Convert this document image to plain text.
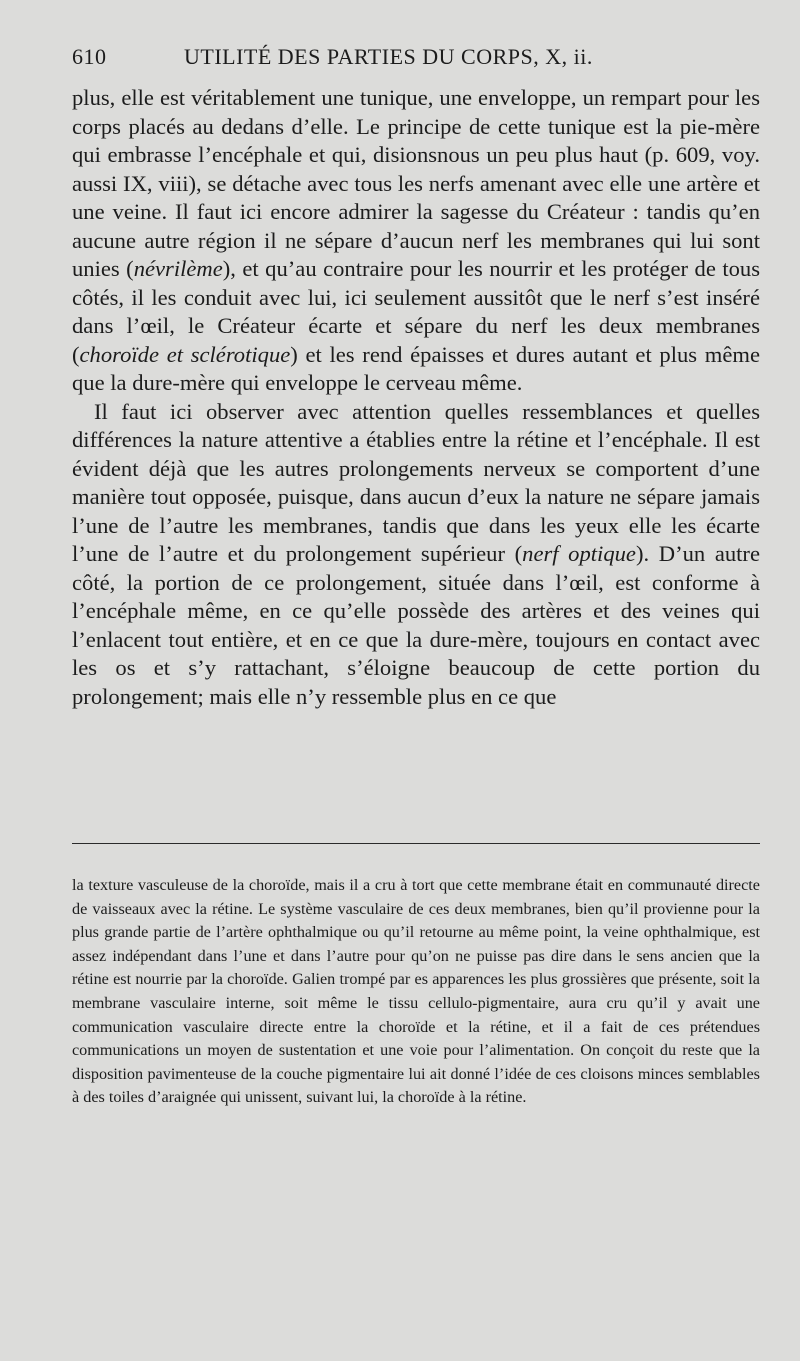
610	UTILITÉ DES PARTIES DU CORPS, X, ii.

plus, elle est véritablement une tunique, une enveloppe, un rempart pour les corps placés au dedans d’elle. Le principe de cette tunique est la pie-mère qui embrasse l’encéphale et qui, disionsnous un peu plus haut (p. 609, voy. aussi IX, viii), se détache avec tous les nerfs amenant avec elle une artère et une veine. Il faut ici encore admirer la sagesse du Créateur : tandis qu’en aucune autre région il ne sépare d’aucun nerf les membranes qui lui sont unies (névrilème), et qu’au contraire pour les nourrir et les protéger de tous côtés, il les conduit avec lui, ici seulement aussitôt que le nerf s’est inséré dans l’œil, le Créateur écarte et sépare du nerf les deux membranes (choroïde et sclérotique) et les rend épaisses et dures autant et plus même que la dure-mère qui enveloppe le cerveau même.

Il faut ici observer avec attention quelles ressemblances et quelles différences la nature attentive a établies entre la rétine et l’encéphale. Il est évident déjà que les autres prolongements nerveux se comportent d’une manière tout opposée, puisque, dans aucun d’eux la nature ne sépare jamais l’une de l’autre les membranes, tandis que dans les yeux elle les écarte l’une de l’autre et du prolongement supérieur (nerf optique). D’un autre côté, la portion de ce prolongement, située dans l’œil, est conforme à l’encéphale même, en ce qu’elle possède des artères et des veines qui l’enlacent tout entière, et en ce que la dure-mère, toujours en contact avec les os et s’y rattachant, s’éloigne beaucoup de cette portion du prolongement; mais elle n’y ressemble plus en ce que

la texture vasculeuse de la choroïde, mais il a cru à tort que cette membrane était en communauté directe de vaisseaux avec la rétine. Le système vasculaire de ces deux membranes, bien qu’il provienne pour la plus grande partie de l’artère ophthalmique ou qu’il retourne au même point, la veine ophthalmique, est assez indépendant dans l’une et dans l’autre pour qu’on ne puisse pas dire dans le sens ancien que la rétine est nourrie par la choroïde. Galien trompé par es apparences les plus grossières que présente, soit la membrane vasculaire interne, soit même le tissu cellulo-pigmentaire, aura cru qu’il y avait une communication vasculaire directe entre la choroïde et la rétine, et il a fait de ces prétendues communications un moyen de sustentation et une voie pour l’alimentation. On conçoit du reste que la disposition pavimenteuse de la couche pigmentaire lui ait donné l’idée de ces cloisons minces semblables à des toiles d’araignée qui unissent, suivant lui, la choroïde à la rétine.
